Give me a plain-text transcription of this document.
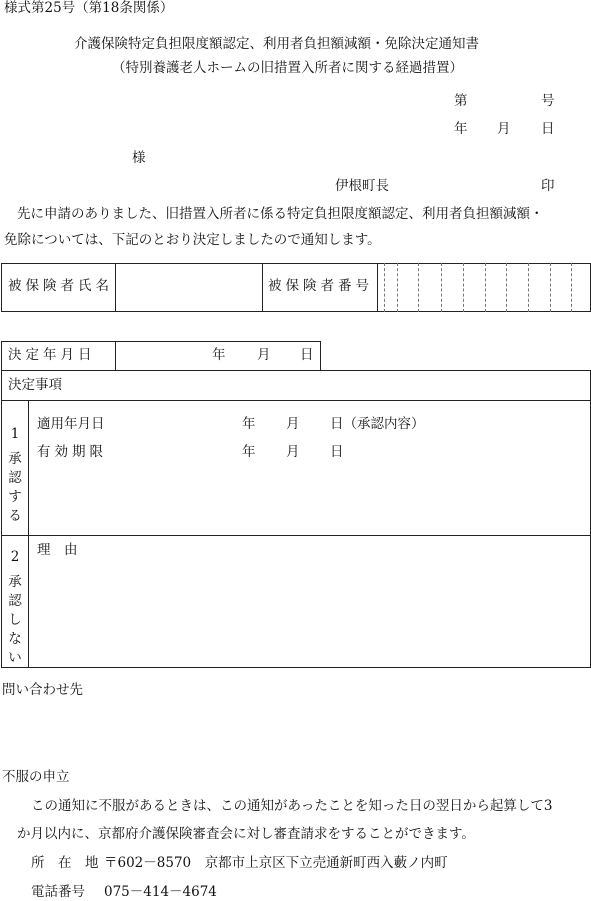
様式第25号（第18条関係）
介護保険特定負担限度額認定、利用者負担額減額・免除決定通知書
（特別養護老人ホームの旧措置入所者に関する経過措置）
第	号
年 月 日
様
伊根町長	印
先に申請のありました、旧措置入所者に係る特定負担限度額認定、利用者負担額減額・
免除については、下記のとおり決定しましたので通知します。
被保険者氏名	被保険者番号
決定年月日	年 月 日
決定事項
1
承
認
す
る
適用年月日	年 月 日（承認内容）
有効期限	年 月 日
2
承
認
し
な
い
理　由
問い合わせ先
不服の申立
この通知に不服があるときは、この通知があったことを知った日の翌日から起算して3
か月以内に、京都府介護保険審査会に対し審査請求をすることができます。
所　在　地 〒602－8570　京都市上京区下立売通新町西入藪ノ内町
電話番号 075－414－4674
